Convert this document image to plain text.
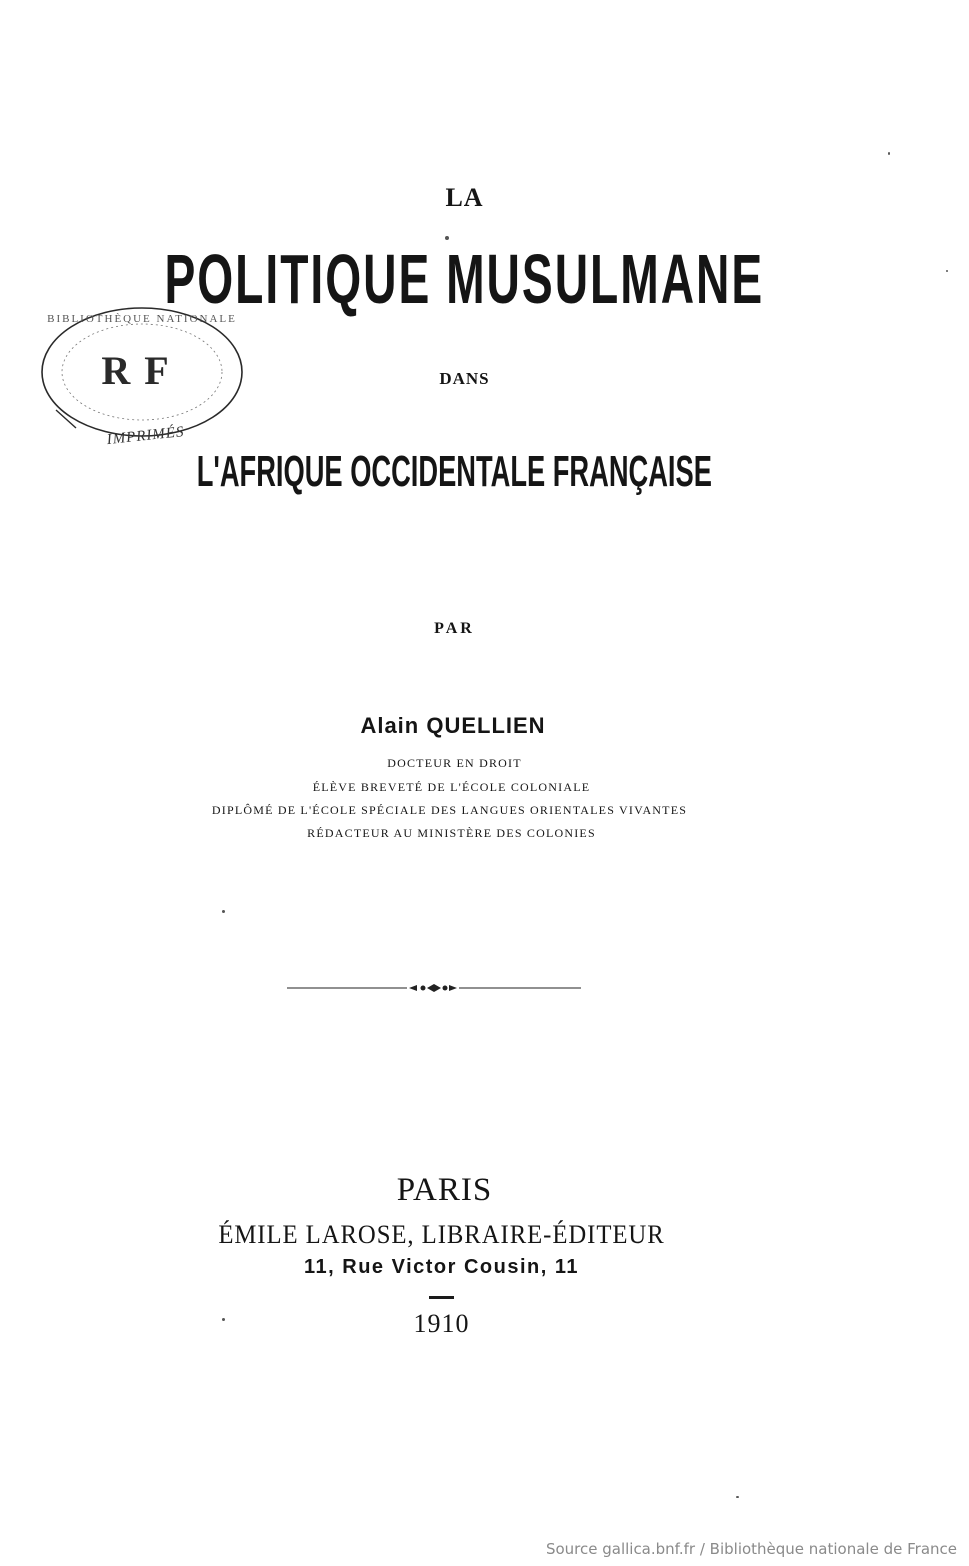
RF
IMPRIMÉS
BIBLIOTHÈQUE NATIONALE
LA
POLITIQUE MUSULMANE
DANS
L'AFRIQUE OCCIDENTALE FRANÇAISE
PAR
Alain QUELLIEN
DOCTEUR EN DROIT
ÉLÈVE BREVETÉ DE L'ÉCOLE COLONIALE
DIPLÔMÉ DE L'ÉCOLE SPÉCIALE DES LANGUES ORIENTALES VIVANTES
RÉDACTEUR AU MINISTÈRE DES COLONIES
PARIS
ÉMILE LAROSE, LIBRAIRE-ÉDITEUR
11, Rue Victor Cousin, 11
1910
Source gallica.bnf.fr / Bibliothèque nationale de France
